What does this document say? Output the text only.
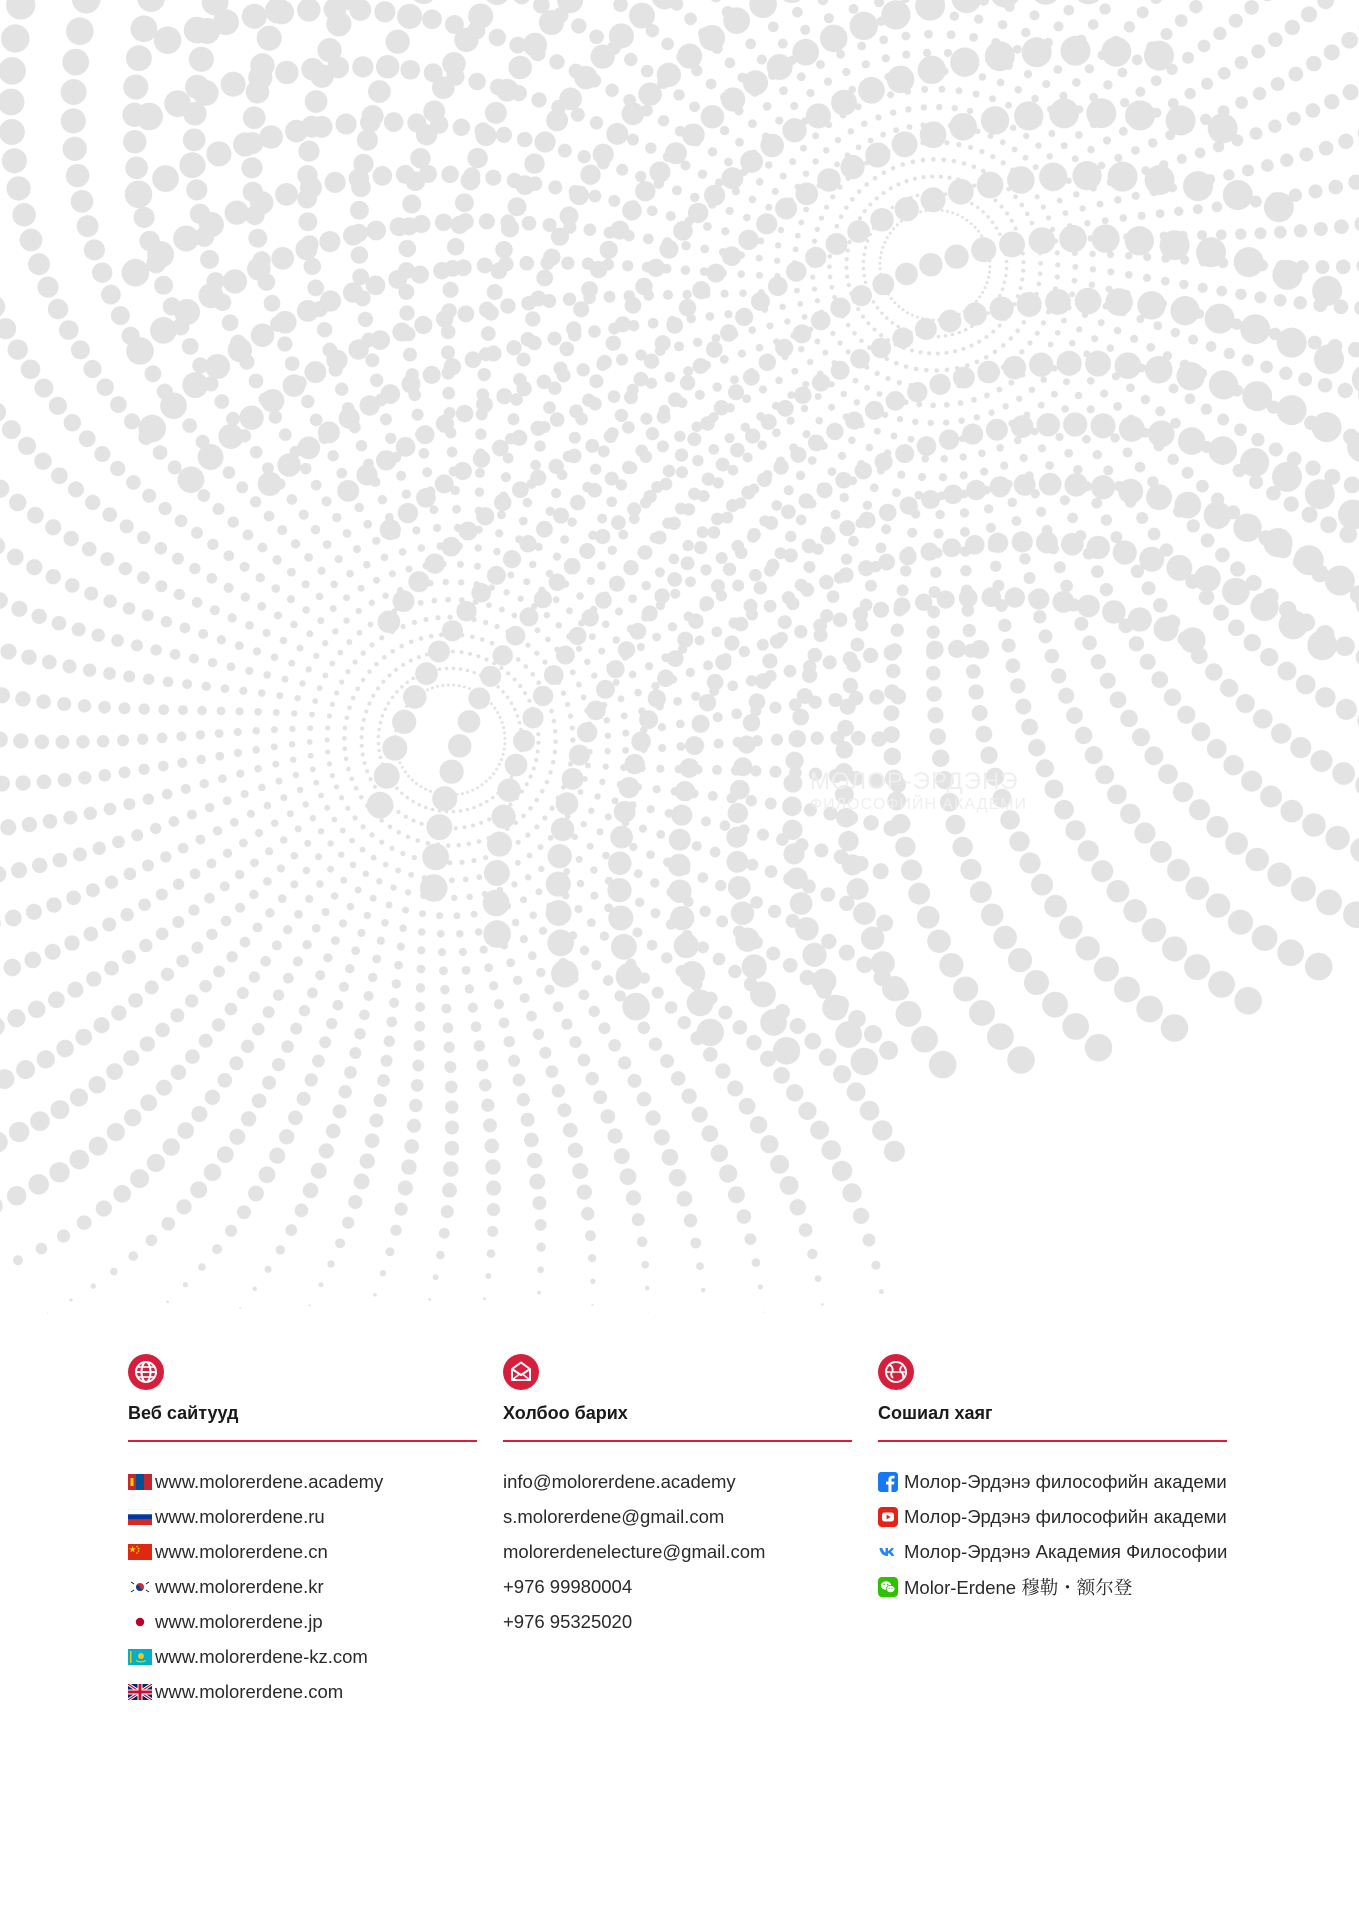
МОЛОР-ЭРДЭНЭ
ФИЛОСОФИЙН АКАДЕМИ
Веб сайтууд
www.molorerdene.academy
www.molorerdene.ru
www.molorerdene.cn
www.molorerdene.kr
www.molorerdene.jp
www.molorerdene-kz.com
www.molorerdene.com
Холбоо барих
info@molorerdene.academy
s.molorerdene@gmail.com
molorerdenelecture@gmail.com
+976 99980004
+976 95325020
Сошиал хаяг
Молор-Эрдэнэ философийн академи
Молор-Эрдэнэ философийн академи
Молор-Эрдэнэ Академия Философии
Molor-Erdene 穆勒・额尔登
